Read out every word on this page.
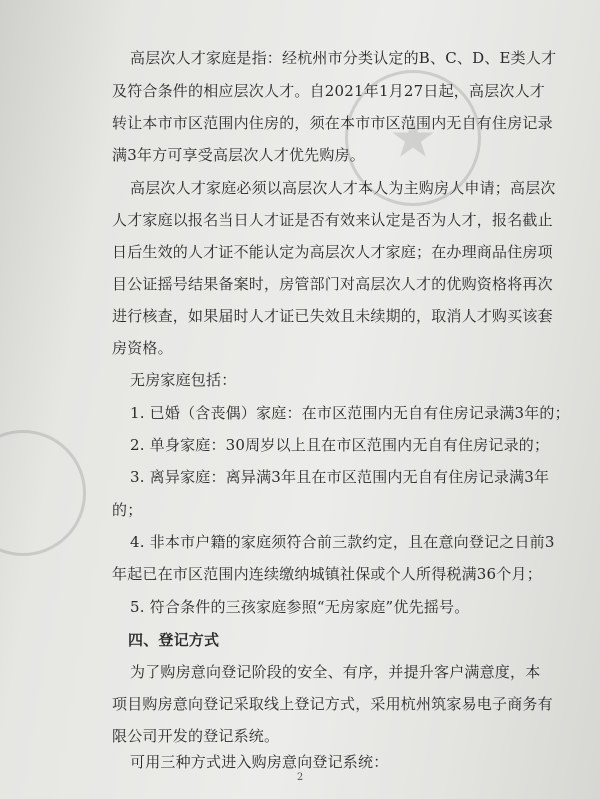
★
高层次人才家庭是指：经杭州市分类认定的B、C、D、E类人才
及符合条件的相应层次人才。自2021年1月27日起，高层次人才
转让本市市区范围内住房的，须在本市市区范围内无自有住房记录
满3年方可享受高层次人才优先购房。
高层次人才家庭必须以高层次人才本人为主购房人申请；高层次
人才家庭以报名当日人才证是否有效来认定是否为人才，报名截止
日后生效的人才证不能认定为高层次人才家庭；在办理商品住房项
目公证摇号结果备案时，房管部门对高层次人才的优购资格将再次
进行核查，如果届时人才证已失效且未续期的，取消人才购买该套
房资格。
无房家庭包括：
1. 已婚（含丧偶）家庭：在市区范围内无自有住房记录满3年的；
2. 单身家庭：30周岁以上且在市区范围内无自有住房记录的；
3. 离异家庭：离异满3年且在市区范围内无自有住房记录满3年
的；
4. 非本市户籍的家庭须符合前三款约定，且在意向登记之日前3
年起已在市区范围内连续缴纳城镇社保或个人所得税满36个月；
5. 符合条件的三孩家庭参照“无房家庭”优先摇号。
四、登记方式
为了购房意向登记阶段的安全、有序，并提升客户满意度，本
项目购房意向登记采取线上登记方式，采用杭州筑家易电子商务有
限公司开发的登记系统。
可用三种方式进入购房意向登记系统：
2
